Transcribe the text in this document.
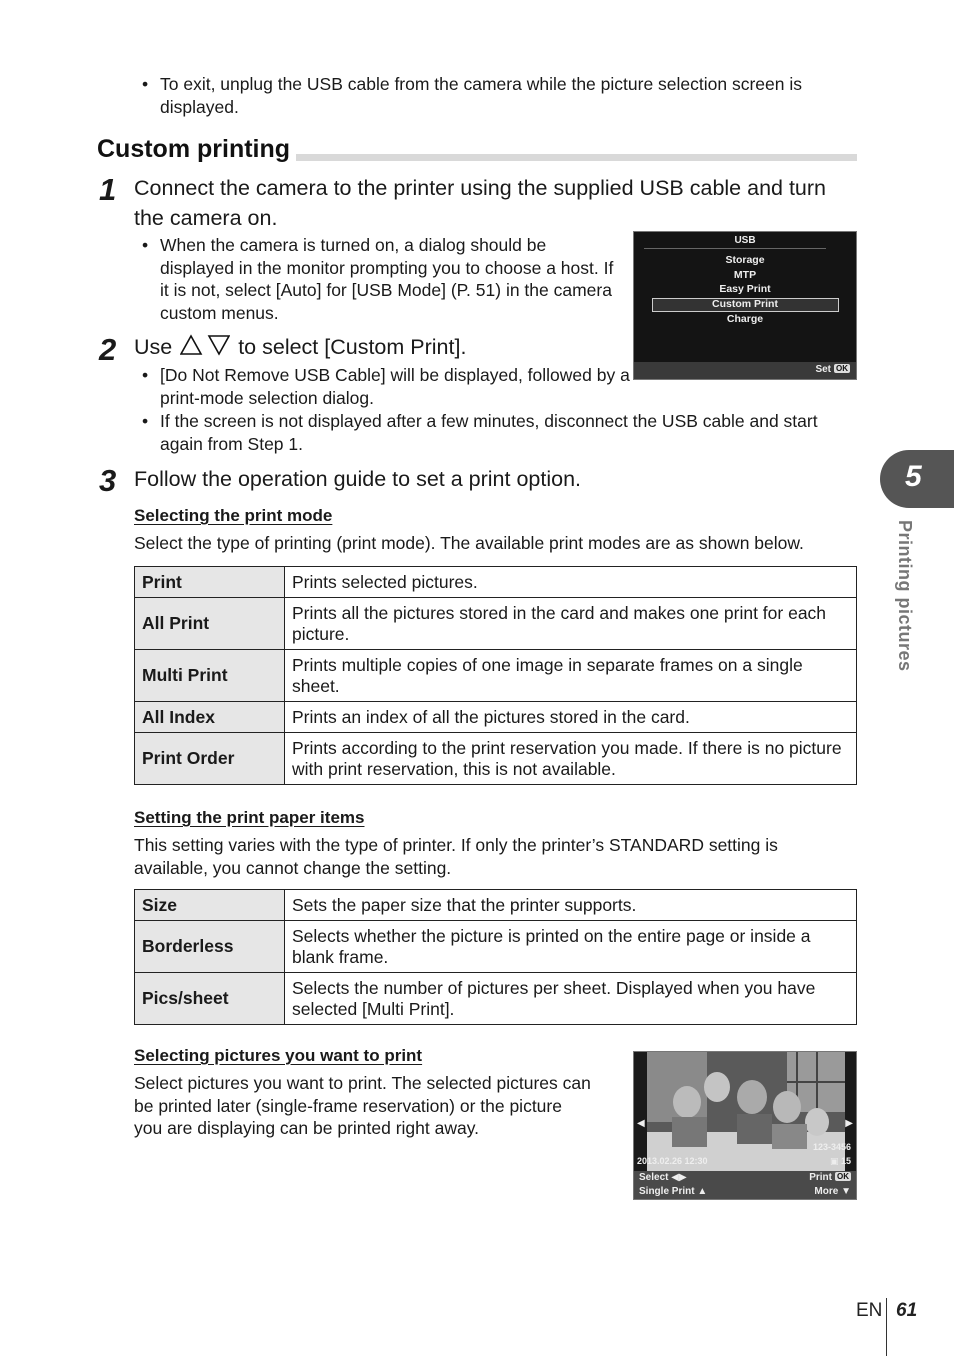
• To exit, unplug the USB cable from the camera while the picture selection screen is displayed.
Custom printing
1 Connect the camera to the printer using the supplied USB cable and turn the camera on.
• When the camera is turned on, a dialog should be displayed in the monitor prompting you to choose a host. If it is not, select [Auto] for [USB Mode] (P. 51) in the camera custom menus.
USB
Storage
MTP
Easy Print
Custom Print
Charge
Set OK
2 Use	to select [Custom Print].
• [Do Not Remove USB Cable] will be displayed, followed by a print-mode selection dialog.
• If the screen is not displayed after a few minutes, disconnect the USB cable and start again from Step 1.
3 Follow the operation guide to set a print option.
Selecting the print mode
Select the type of printing (print mode). The available print modes are as shown below.
Print	Prints selected pictures.
All Print	Prints all the pictures stored in the card and makes one print for each picture.
Multi Print	Prints multiple copies of one image in separate frames on a single sheet.
All Index	Prints an index of all the pictures stored in the card.
Print Order	Prints according to the print reservation you made. If there is no picture with print reservation, this is not available.
Setting the print paper items
This setting varies with the type of printer. If only the printer’s STANDARD setting is available, you cannot change the setting.
Size	Sets the paper size that the printer supports.
Borderless	Selects whether the picture is printed on the entire page or inside a blank frame.
Pics/sheet	Selects the number of pictures per sheet. Displayed when you have selected [Multi Print].
Selecting pictures you want to print
Select pictures you want to print. The selected pictures can be printed later (single-frame reservation) or the picture you are displaying can be printed right away.	◀	▶
123-3456
2013.02.26 12:30	▣ 15
Select ◀▶	Print OK
Single Print ▲	More ▼
5
Printing pictures
EN 61
